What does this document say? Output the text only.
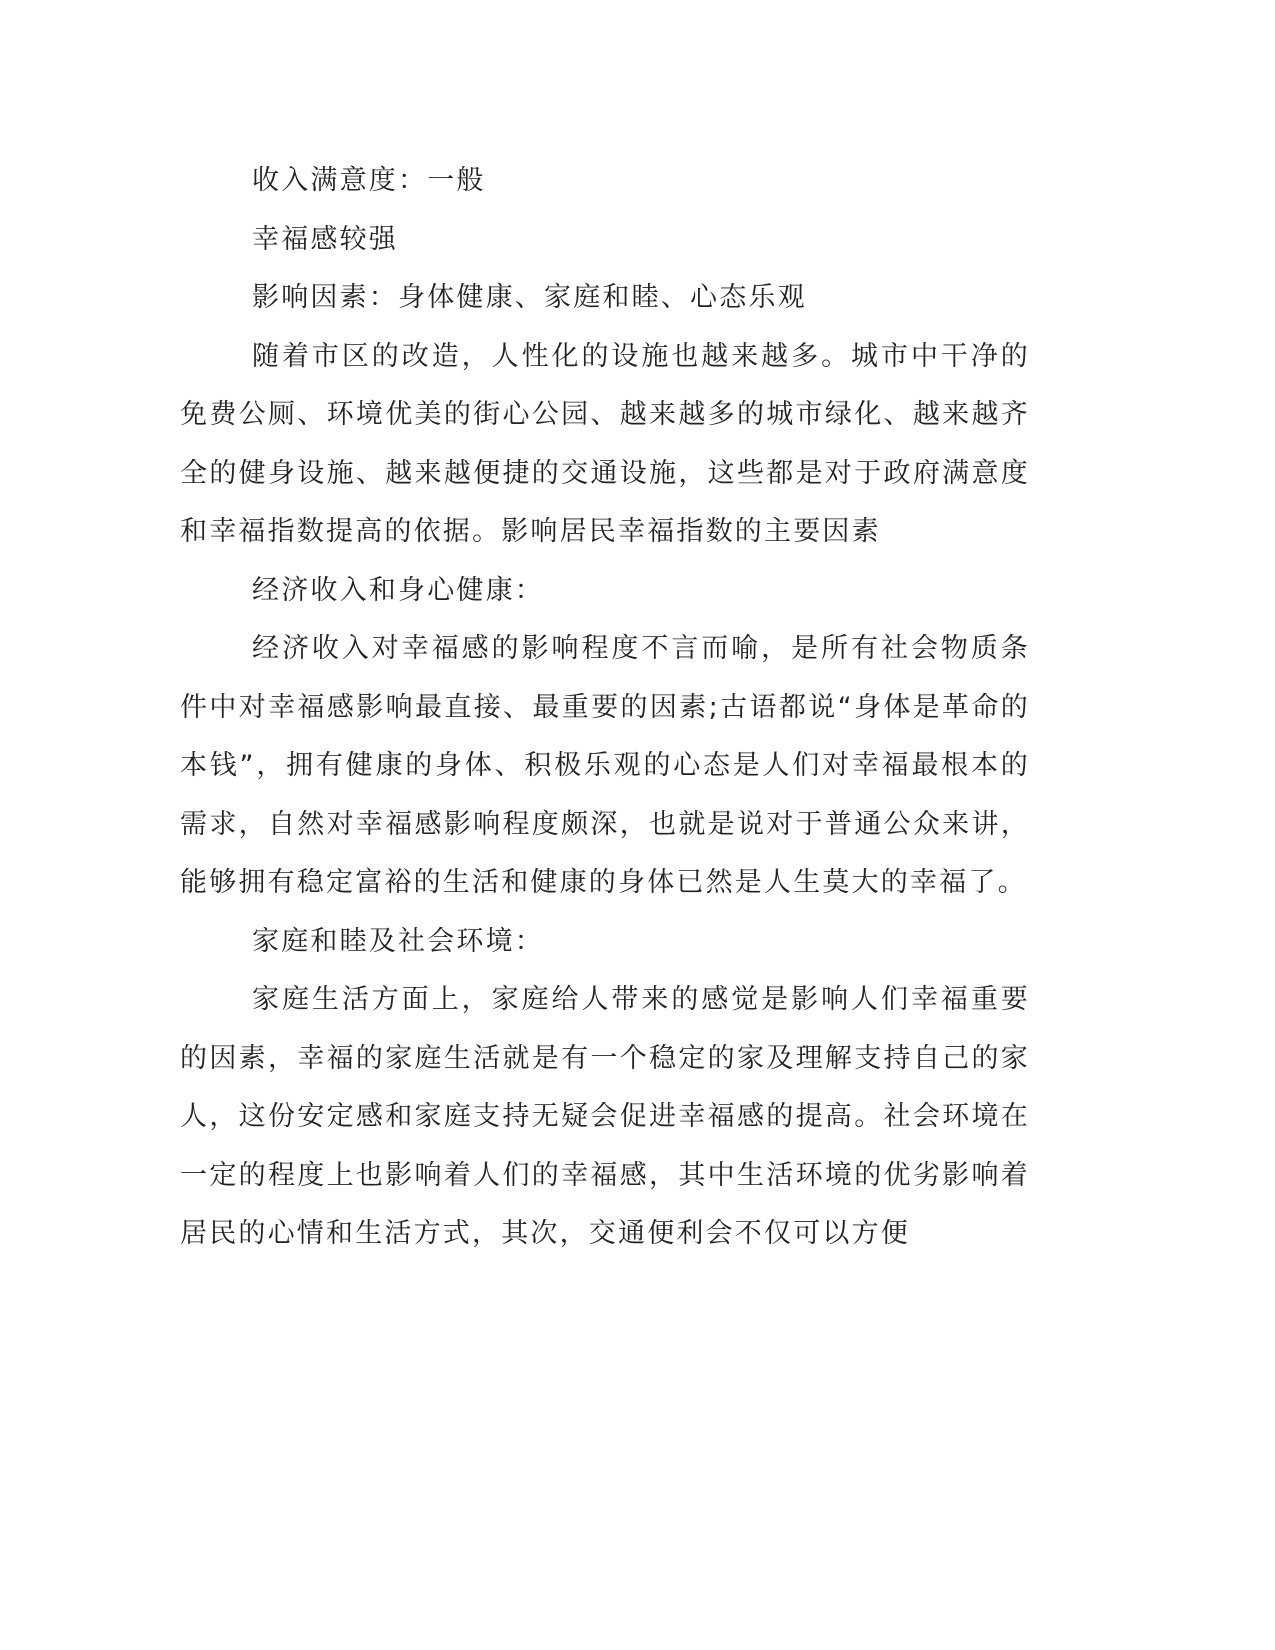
收入满意度：一般

幸福感较强

影响因素：身体健康、家庭和睦、心态乐观

随着市区的改造，人性化的设施也越来越多。城市中干净的免费公厕、环境优美的街心公园、越来越多的城市绿化、越来越齐全的健身设施、越来越便捷的交通设施，这些都是对于政府满意度和幸福指数提高的依据。影响居民幸福指数的主要因素

经济收入和身心健康：

经济收入对幸福感的影响程度不言而喻，是所有社会物质条件中对幸福感影响最直接、最重要的因素;古语都说“身体是革命的本钱”，拥有健康的身体、积极乐观的心态是人们对幸福最根本的需求，自然对幸福感影响程度颇深，也就是说对于普通公众来讲，能够拥有稳定富裕的生活和健康的身体已然是人生莫大的幸福了。

家庭和睦及社会环境：

家庭生活方面上，家庭给人带来的感觉是影响人们幸福重要的因素，幸福的家庭生活就是有一个稳定的家及理解支持自己的家人，这份安定感和家庭支持无疑会促进幸福感的提高。社会环境在一定的程度上也影响着人们的幸福感，其中生活环境的优劣影响着居民的心情和生活方式，其次，交通便利会不仅可以方便
